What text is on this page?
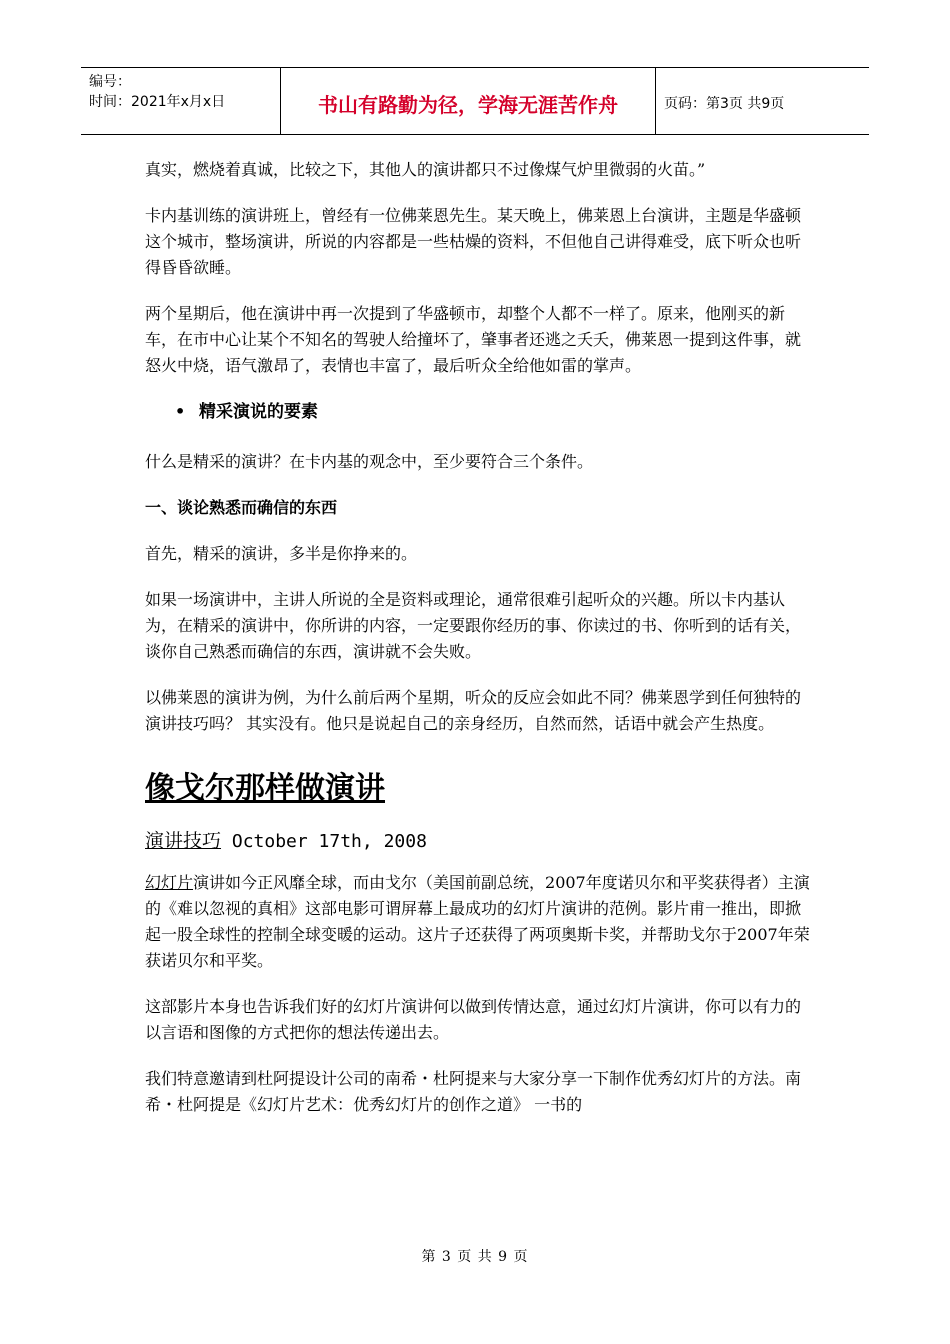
编号：
时间：2021年x月x日	书山有路勤为径，学海无涯苦作舟	页码：第3页 共9页

真实，燃烧着真诚，比较之下，其他人的演讲都只不过像煤气炉里微弱的火苗。”

卡内基训练的演讲班上，曾经有一位佛莱恩先生。某天晚上，佛莱恩上台演讲，主题是华盛顿这个城市，整场演讲，所说的内容都是一些枯燥的资料，不但他自己讲得难受，底下听众也听得昏昏欲睡。

两个星期后，他在演讲中再一次提到了华盛顿市，却整个人都不一样了。原来，他刚买的新车，在市中心让某个不知名的驾驶人给撞坏了，肇事者还逃之夭夭，佛莱恩一提到这件事，就怒火中烧，语气激昂了，表情也丰富了，最后听众全给他如雷的掌声。

• 精采演说的要素

什么是精采的演讲？在卡内基的观念中，至少要符合三个条件。

一、谈论熟悉而确信的东西

首先，精采的演讲，多半是你挣来的。

如果一场演讲中，主讲人所说的全是资料或理论，通常很难引起听众的兴趣。所以卡内基认为，在精采的演讲中，你所讲的内容，一定要跟你经历的事、你读过的书、你听到的话有关，谈你自己熟悉而确信的东西，演讲就不会失败。

以佛莱恩的演讲为例，为什么前后两个星期，听众的反应会如此不同？佛莱恩学到任何独特的演讲技巧吗？ 其实没有。他只是说起自己的亲身经历，自然而然，话语中就会产生热度。

像戈尔那样做演讲
演讲技巧 October 17th, 2008

幻灯片演讲如今正风靡全球，而由戈尔（美国前副总统，2007年度诺贝尔和平奖获得者）主演的《难以忽视的真相》这部电影可谓屏幕上最成功的幻灯片演讲的范例。影片甫一推出，即掀起一股全球性的控制全球变暖的运动。这片子还获得了两项奥斯卡奖，并帮助戈尔于2007年荣获诺贝尔和平奖。

这部影片本身也告诉我们好的幻灯片演讲何以做到传情达意，通过幻灯片演讲，你可以有力的以言语和图像的方式把你的想法传递出去。

我们特意邀请到杜阿提设计公司的南希・杜阿提来与大家分享一下制作优秀幻灯片的方法。南希・杜阿提是《幻灯片艺术：优秀幻灯片的创作之道》 一书的

第 3 页 共 9 页
